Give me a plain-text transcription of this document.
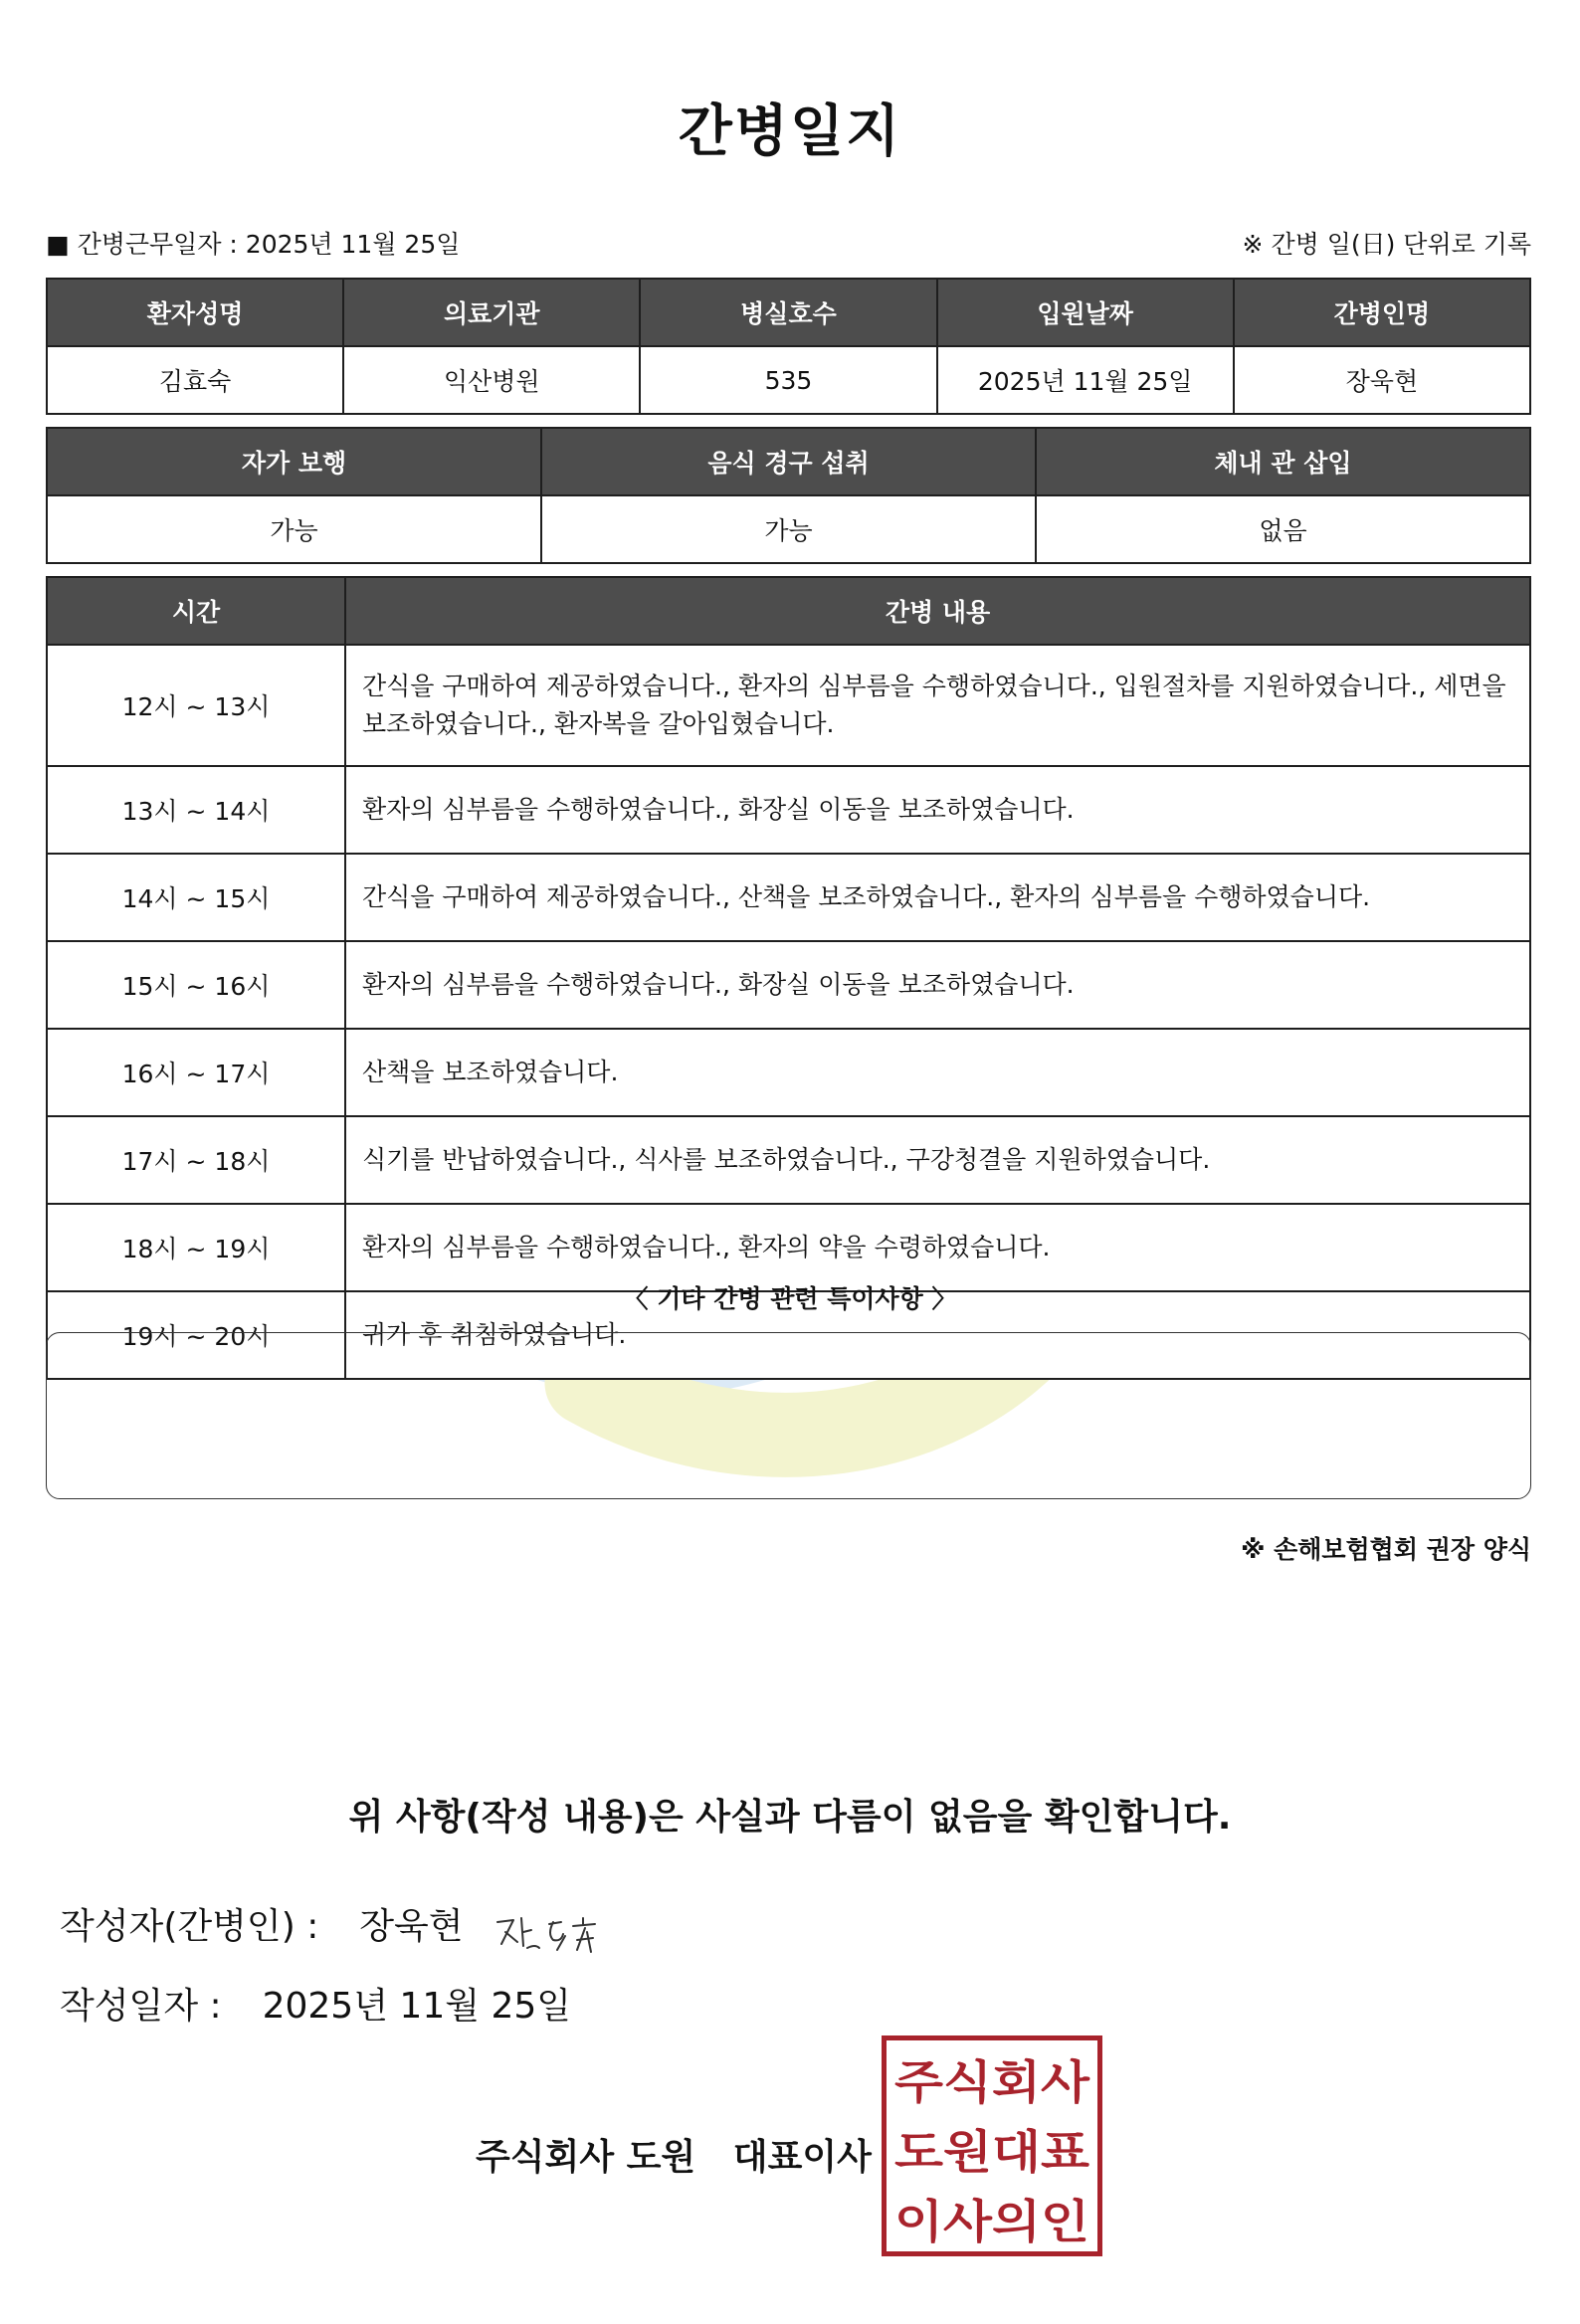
간병일지
■ 간병근무일자 : 2025년 11월 25일	※ 간병 일(日) 단위로 기록
환자성명	의료기관	병실호수	입원날짜	간병인명
김효숙	익산병원	535	2025년 11월 25일	장욱현
자가 보행	음식 경구 섭취	체내 관 삽입
가능	가능	없음
시간	간병 내용
12시 ~ 13시	간식을 구매하여 제공하였습니다., 환자의 심부름을 수행하였습니다., 입원절차를 지원하였습니다., 세면을 보조하였습니다., 환자복을 갈아입혔습니다.
13시 ~ 14시	환자의 심부름을 수행하였습니다., 화장실 이동을 보조하였습니다.
14시 ~ 15시	간식을 구매하여 제공하였습니다., 산책을 보조하였습니다., 환자의 심부름을 수행하였습니다.
15시 ~ 16시	환자의 심부름을 수행하였습니다., 화장실 이동을 보조하였습니다.
16시 ~ 17시	산책을 보조하였습니다.
17시 ~ 18시	식기를 반납하였습니다., 식사를 보조하였습니다., 구강청결을 지원하였습니다.
18시 ~ 19시	환자의 심부름을 수행하였습니다., 환자의 약을 수령하였습니다.
19시 ~ 20시	귀가 후 취침하였습니다.
〈 기타 간병 관련 특이사항 〉
※ 손해보험협회 권장 양식
위 사항(작성 내용)은 사실과 다름이 없음을 확인합니다.
작성자(간병인) : 장욱현
작성일자 : 2025년 11월 25일
주식회사 도원   대표이사
주식회사
도원대표
이사의인
